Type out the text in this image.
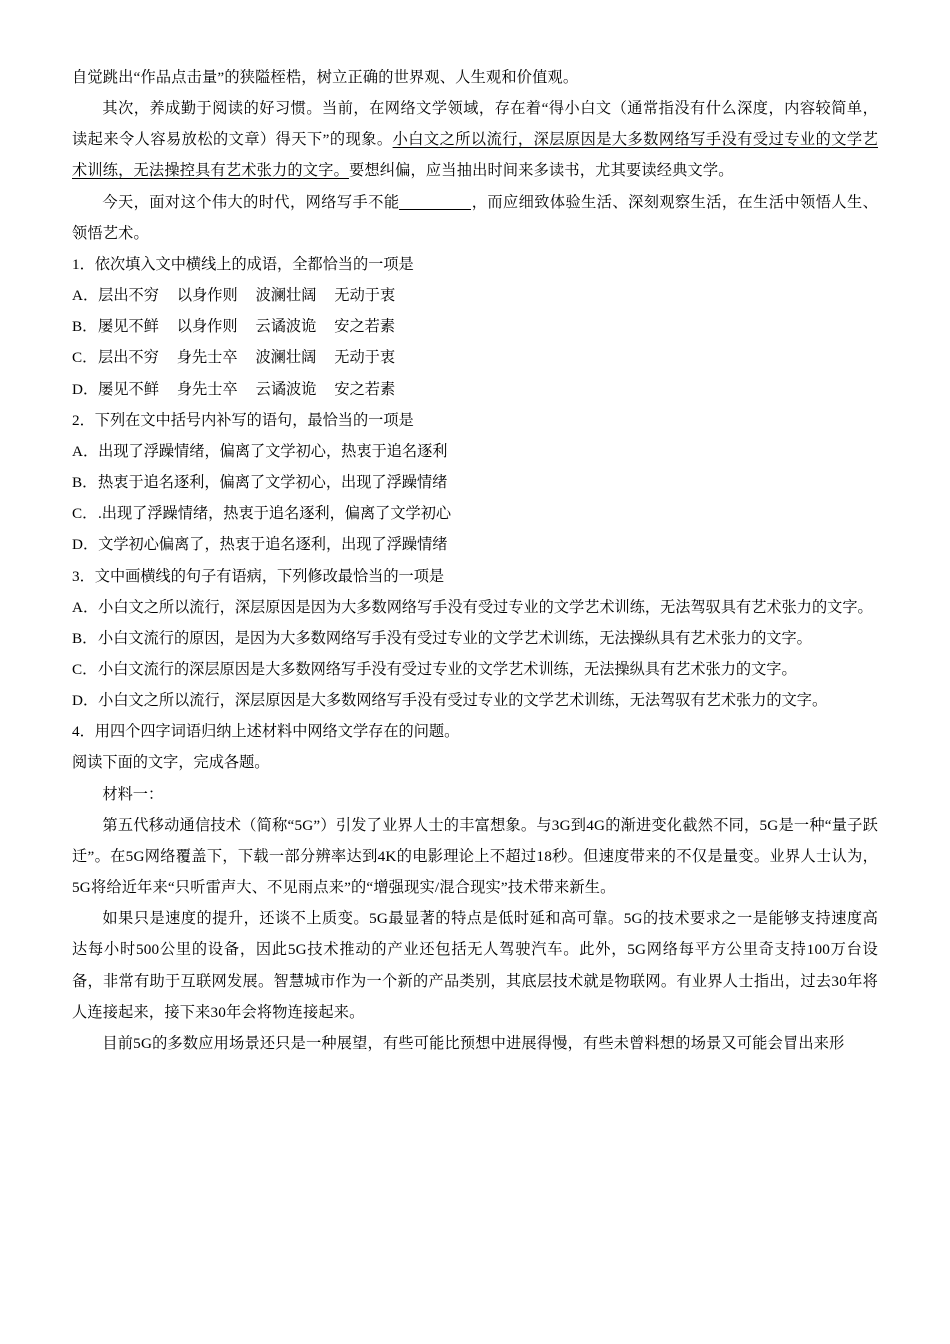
自觉跳出“作品点击量”的狭隘桎梏，树立正确的世界观、人生观和价值观。

其次，养成勤于阅读的好习惯。当前，在网络文学领域，存在着“得小白文（通常指没有什么深度，内容较简单，读起来令人容易放松的文章）得天下”的现象。小白文之所以流行，深层原因是大多数网络写手没有受过专业的文学艺术训练，无法操控具有艺术张力的文字。要想纠偏，应当抽出时间来多读书，尤其要读经典文学。

今天，面对这个伟大的时代，网络写手不能	，而应细致体验生活、深刻观察生活，在生活中领悟人生、领悟艺术。

1．依次填入文中横线上的成语，全都恰当的一项是

A．层出不穷 以身作则 波澜壮阔 无动于衷

B．屡见不鲜 以身作则 云谲波诡 安之若素

C．层出不穷 身先士卒 波澜壮阔 无动于衷

D．屡见不鲜 身先士卒 云谲波诡 安之若素

2．下列在文中括号内补写的语句，最恰当的一项是

A．出现了浮躁情绪，偏离了文学初心，热衷于追名逐利

B．热衷于追名逐利，偏离了文学初心，出现了浮躁情绪

C．.出现了浮躁情绪，热衷于追名逐利，偏离了文学初心

D．文学初心偏离了，热衷于追名逐利，出现了浮躁情绪

3．文中画横线的句子有语病，下列修改最恰当的一项是

A．小白文之所以流行，深层原因是因为大多数网络写手没有受过专业的文学艺术训练，无法驾驭具有艺术张力的文字。

B．小白文流行的原因，是因为大多数网络写手没有受过专业的文学艺术训练，无法操纵具有艺术张力的文字。

C．小白文流行的深层原因是大多数网络写手没有受过专业的文学艺术训练，无法操纵具有艺术张力的文字。

D．小白文之所以流行，深层原因是大多数网络写手没有受过专业的文学艺术训练，无法驾驭有艺术张力的文字。

4．用四个四字词语归纳上述材料中网络文学存在的问题。

阅读下面的文字，完成各题。

材料一：

第五代移动通信技术（简称“5G”）引发了业界人士的丰富想象。与3G到4G的渐进变化截然不同，5G是一种“量子跃迁”。在5G网络覆盖下，下载一部分辨率达到4K的电影理论上不超过18秒。但速度带来的不仅是量变。业界人士认为，5G将给近年来“只听雷声大、不见雨点来”的“增强现实/混合现实”技术带来新生。

如果只是速度的提升，还谈不上质变。5G最显著的特点是低时延和高可靠。5G的技术要求之一是能够支持速度高达每小时500公里的设备，因此5G技术推动的产业还包括无人驾驶汽车。此外，5G网络每平方公里奇支持100万台设备，非常有助于互联网发展。智慧城市作为一个新的产品类别，其底层技术就是物联网。有业界人士指出，过去30年将人连接起来，接下来30年会将物连接起来。

目前5G的多数应用场景还只是一种展望，有些可能比预想中进展得慢，有些未曾料想的场景又可能会冒出来形
